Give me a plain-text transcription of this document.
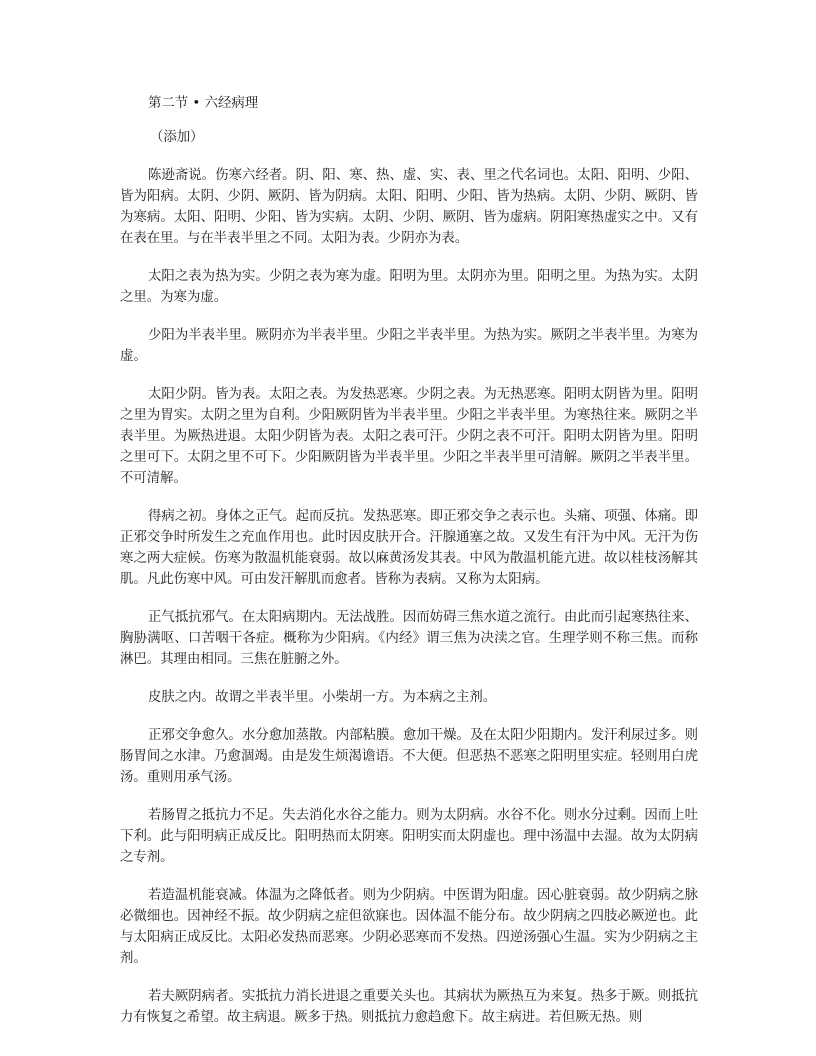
第二节 • 六经病理
（添加）

陈逊斋说。伤寒六经者。阴、阳、寒、热、虚、实、表、里之代名词也。太阳、阳明、少阳、皆为阳病。太阴、少阴、厥阴、皆为阴病。太阳、阳明、少阳、皆为热病。太阴、少阴、厥阴、皆为寒病。太阳、阳明、少阳、皆为实病。太阴、少阴、厥阴、皆为虚病。阴阳寒热虚实之中。又有在表在里。与在半表半里之不同。太阳为表。少阴亦为表。

太阳之表为热为实。少阴之表为寒为虚。阳明为里。太阴亦为里。阳明之里。为热为实。太阴之里。为寒为虚。

少阳为半表半里。厥阴亦为半表半里。少阳之半表半里。为热为实。厥阴之半表半里。为寒为虚。

太阳少阴。皆为表。太阳之表。为发热恶寒。少阴之表。为无热恶寒。阳明太阴皆为里。阳明之里为胃实。太阴之里为自利。少阳厥阴皆为半表半里。少阳之半表半里。为寒热往来。厥阴之半表半里。为厥热进退。太阳少阴皆为表。太阳之表可汗。少阴之表不可汗。阳明太阴皆为里。阳明之里可下。太阴之里不可下。少阳厥阴皆为半表半里。少阳之半表半里可清解。厥阴之半表半里。不可清解。

得病之初。身体之正气。起而反抗。发热恶寒。即正邪交争之表示也。头痛、项强、体痛。即正邪交争时所发生之充血作用也。此时因皮肤开合。汗腺通塞之故。又发生有汗为中风。无汗为伤寒之两大症候。伤寒为散温机能衰弱。故以麻黄汤发其表。中风为散温机能亢进。故以桂枝汤解其肌。凡此伤寒中风。可由发汗解肌而愈者。皆称为表病。又称为太阳病。

正气抵抗邪气。在太阳病期内。无法战胜。因而妨碍三焦水道之流行。由此而引起寒热往来、胸胁满呕、口苦咽干各症。概称为少阳病。《内经》谓三焦为决渎之官。生理学则不称三焦。而称淋巴。其理由相同。三焦在脏腑之外。

皮肤之内。故谓之半表半里。小柴胡一方。为本病之主剂。

正邪交争愈久。水分愈加蒸散。内部粘膜。愈加干燥。及在太阳少阳期内。发汗利尿过多。则肠胃间之水津。乃愈涸竭。由是发生烦渴谵语。不大便。但恶热不恶寒之阳明里实症。轻则用白虎汤。重则用承气汤。

若肠胃之抵抗力不足。失去消化水谷之能力。则为太阴病。水谷不化。则水分过剩。因而上吐下利。此与阳明病正成反比。阳明热而太阴寒。阳明实而太阴虚也。理中汤温中去湿。故为太阴病之专剂。

若造温机能衰减。体温为之降低者。则为少阴病。中医谓为阳虚。因心脏衰弱。故少阴病之脉必微细也。因神经不振。故少阴病之症但欲寐也。因体温不能分布。故少阴病之四肢必厥逆也。此与太阳病正成反比。太阳必发热而恶寒。少阴必恶寒而不发热。四逆汤强心生温。实为少阴病之主剂。

若夫厥阴病者。实抵抗力消长进退之重要关头也。其病状为厥热互为来复。热多于厥。则抵抗力有恢复之希望。故主病退。厥多于热。则抵抗力愈趋愈下。故主病进。若但厥无热。则
